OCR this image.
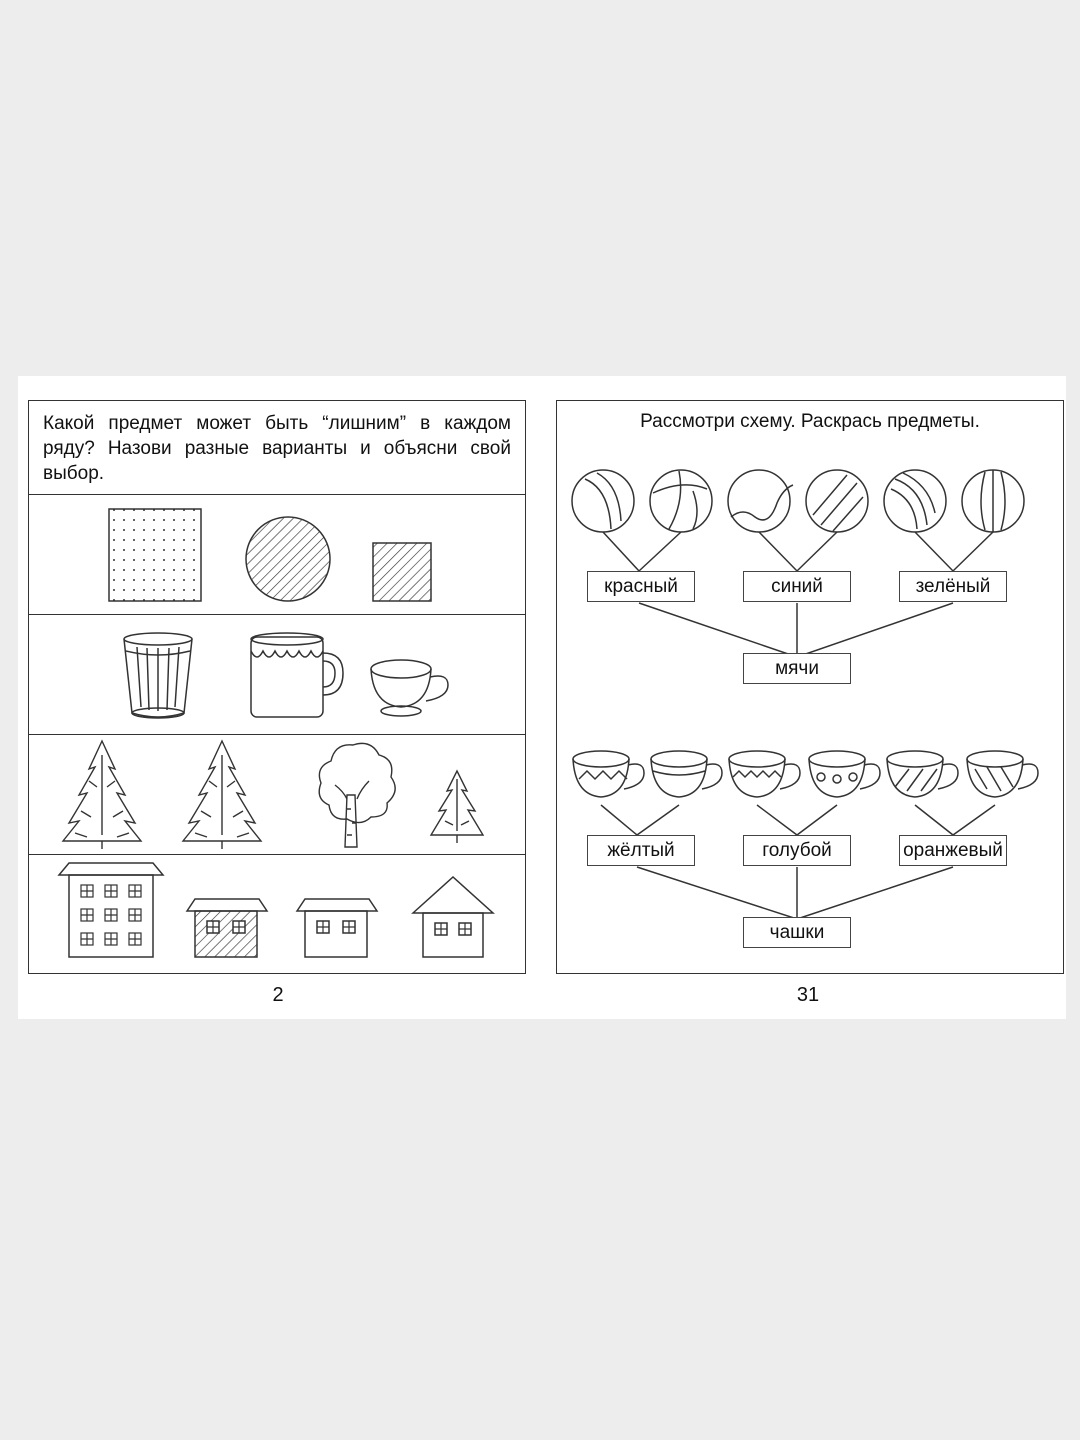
Какой предмет может быть “лишним” в каждом ряду? Назови разные варианты и объясни свой выбор.
2
Рассмотри схему. Раскрась предметы.
красный	синий	зелёный
мячи
жёлтый	голубой	оранжевый
чашки
31
